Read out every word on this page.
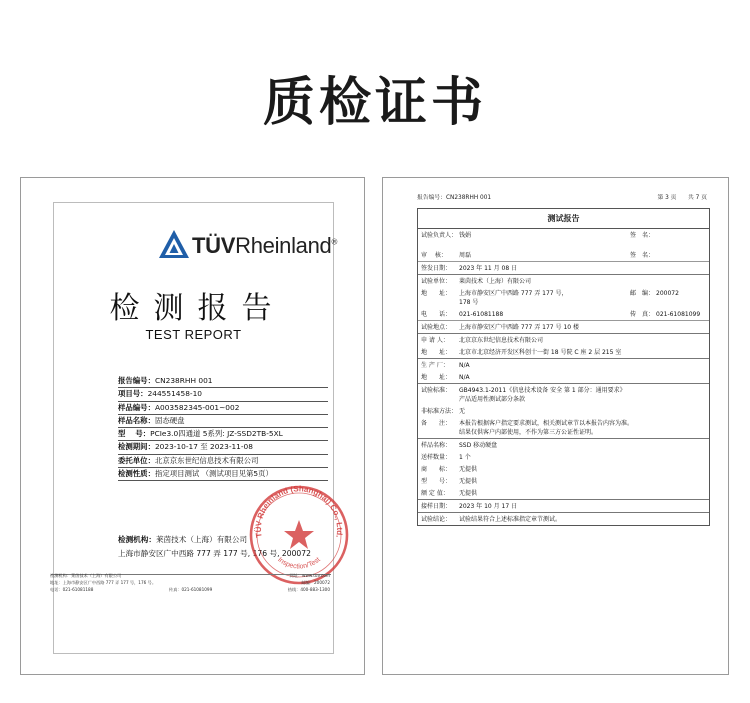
质检证书
TÜVRheinland®
检测报告
TEST REPORT
报告编号：CN238RHH 001
项目号：244551458-10
样品编号：A003582345-001~002
样品名称：固态硬盘
型　 号：PCIe3.0四通道 5系列: JZ-SSD2TB-5XL
检测期间：2023-10-17 至 2023-11-08
委托单位：北京京东世纪信息技术有限公司
检测性质：指定项目测试 （测试项目见第5页）
检测机构：莱茵技术（上海）有限公司
上海市静安区广中西路 777 弄 177 号, 176 号, 200072
TÜV Rheinland (Shanghai) Co., Ltd.
Inspection/Test
检测机构：莱茵技术（上海）有限公司	网址：www.tuv.com
地址：上海市静安区广中西路 777 弄 177 号，176 号。	邮编：200072
电话：021-61081188	传真：021-61081099	热线：400-883-1300
报告编号：CN238RHH 001	第 3 页　　共 7 页
测试报告
试验负责人： 钱娟	签　名：
审　 核：	周磊	签　名：
签发日期：	2023 年 11 月 08 日
试验单位：	莱茵技术（上海）有限公司
地　　址：	上海市静安区广中西路 777 弄 177 号，
178 号
邮　编： 200072
电　　话：	021-61081188	传　真： 021-61081099
试验地点：	上海市静安区广中西路 777 弄 177 号 10 楼
申 请 人：	北京京东世纪信息技术有限公司
地　　址：	北京市北京经济开发区科创十一街 18 号院 C 座 2 层 215 室
生 产 厂：	N/A
地　　址：	N/A
试验标准：	GB4943.1-2011《信息技术设备 安全 第 1 部分：通用要求》
产品适用性测试部分条款
非标准方法： 无
备　　注：	本报告根据客户指定要求测试，相关测试章节以本报告内容为准。
结果仅供客户内部使用，不作为第三方公证性证明。
样品名称：	SSD 移动硬盘
送样数量：	1 个
商　　标：	无提供
型　　号：	无提供
额 定 值：	无提供
接样日期：	2023 年 10 月 17 日
试验结论：	试验结果符合上述标准指定章节测试。
